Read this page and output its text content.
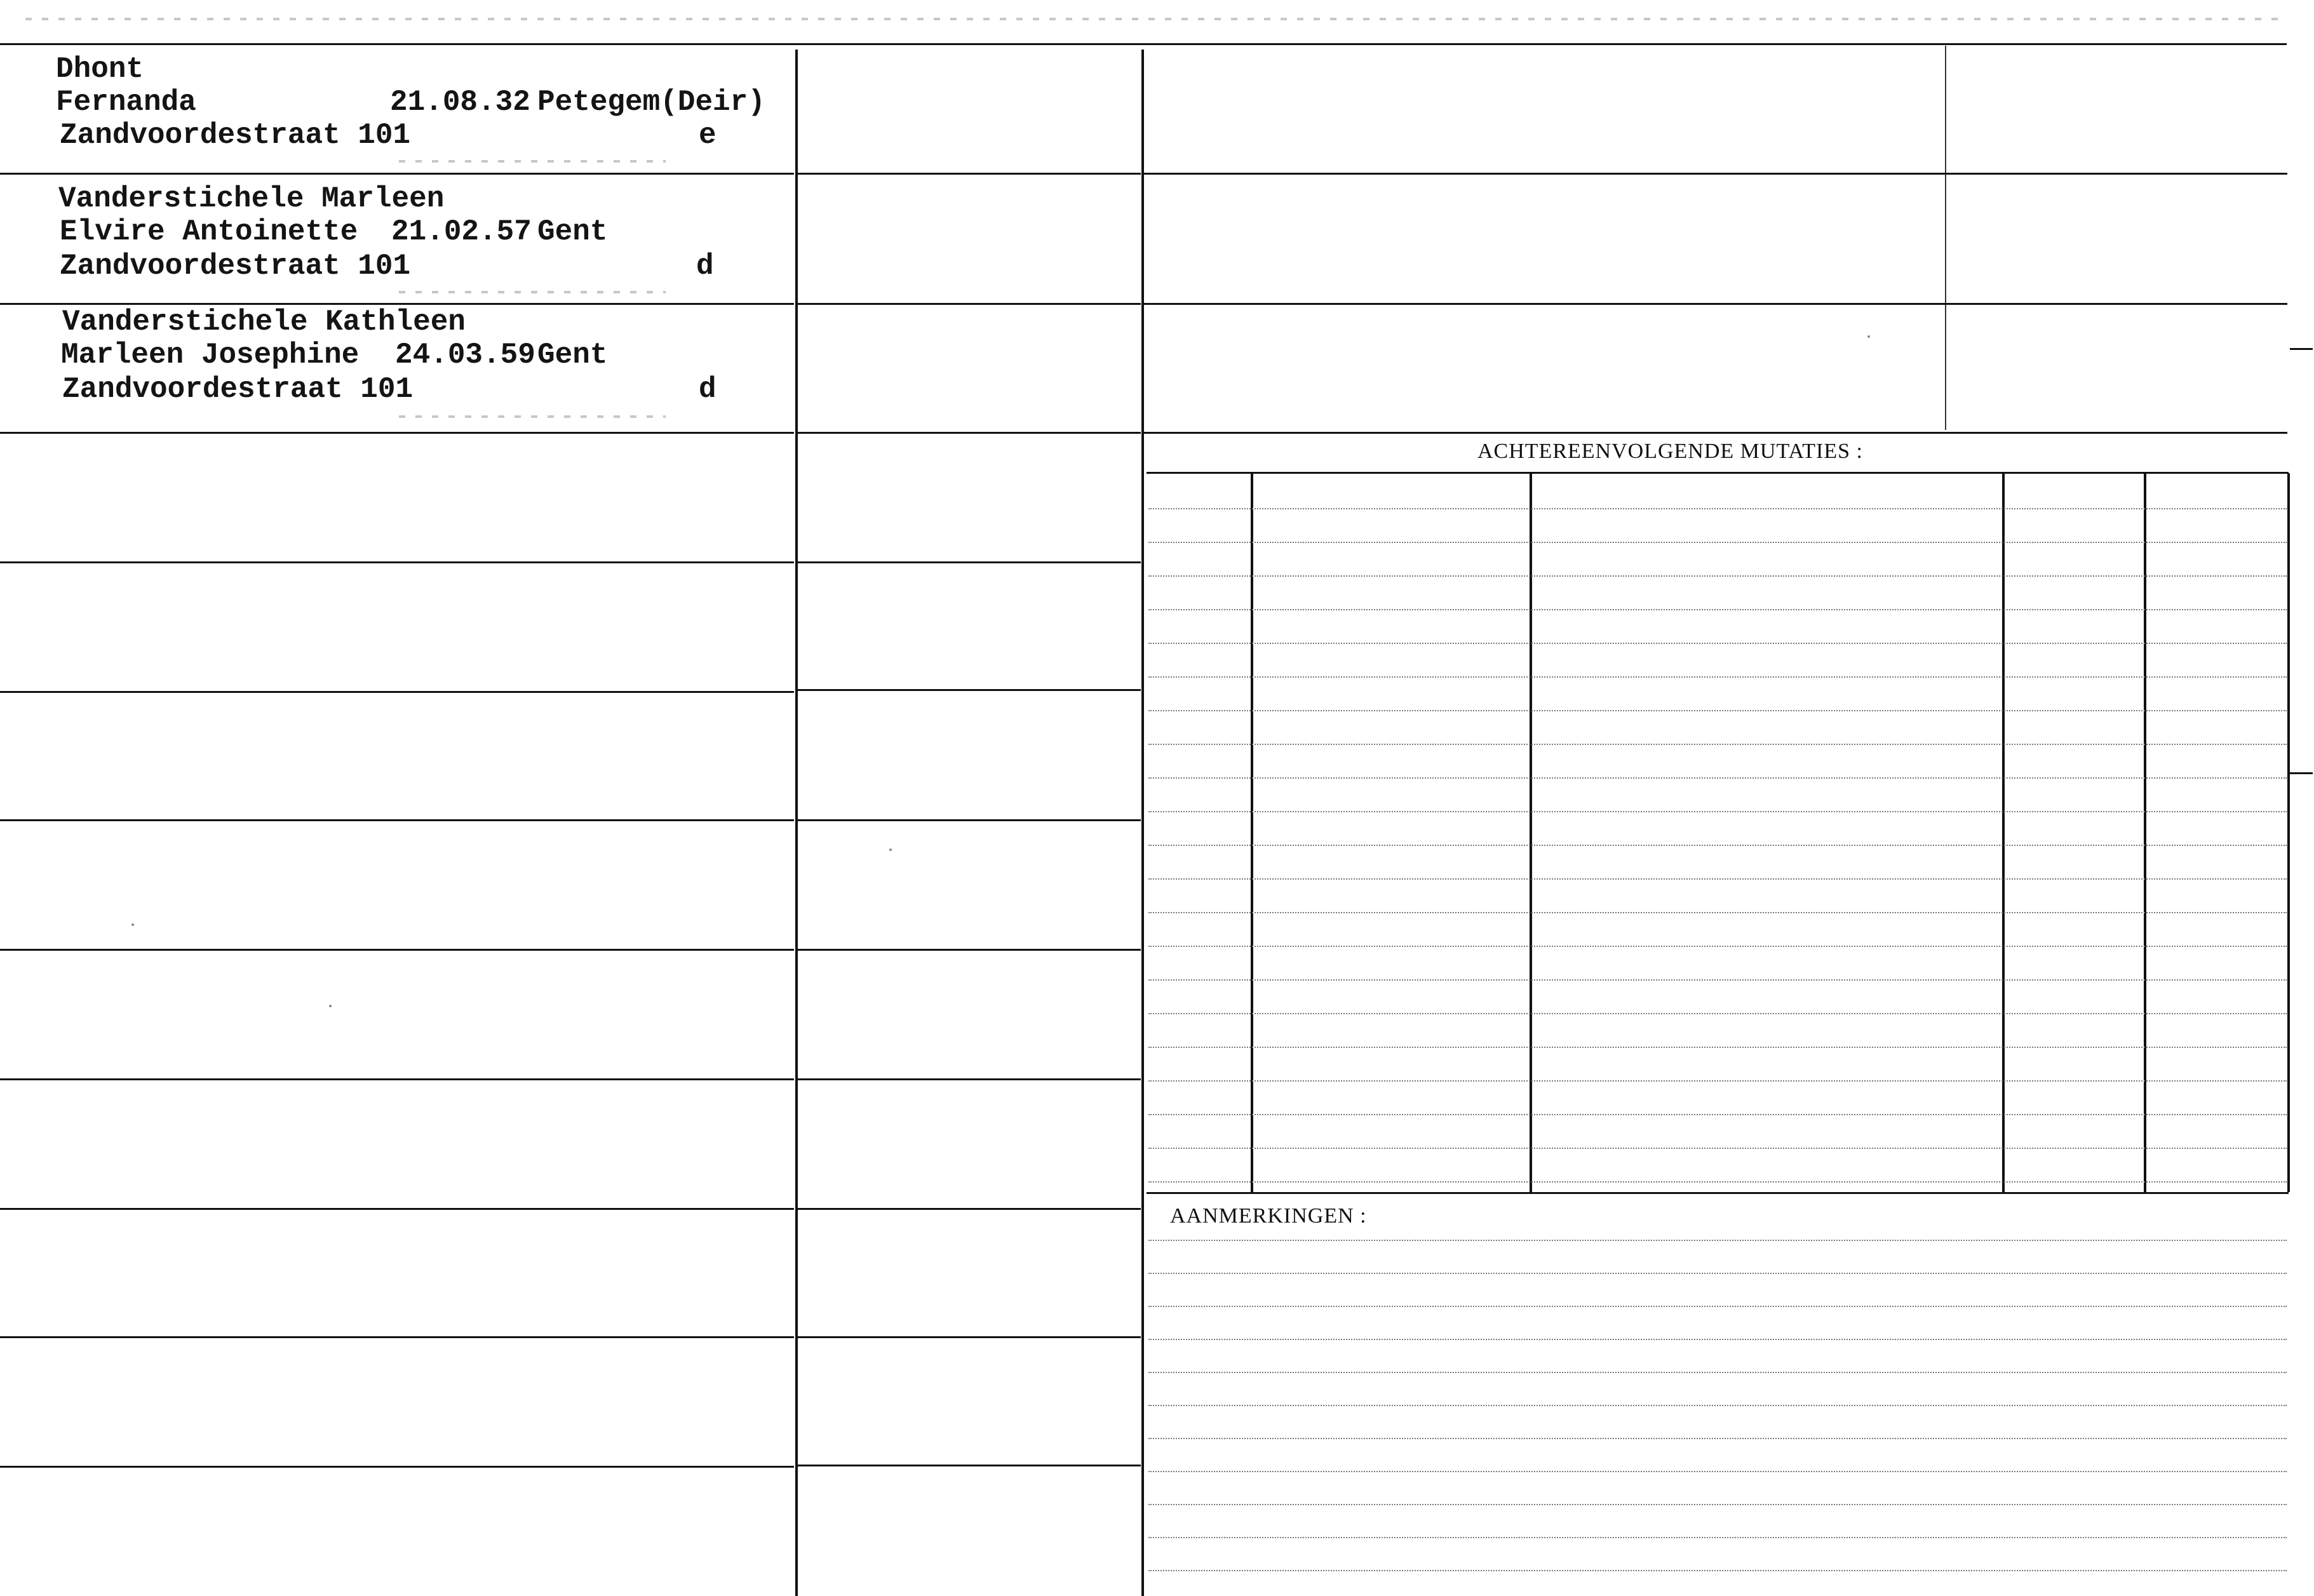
Dhont
Fernanda	21.08.32 Petegem(Deir)
Zandvoordestraat 101	e
Vanderstichele Marleen
Elvire Antoinette 21.02.57 Gent
Zandvoordestraat 101	d
Vanderstichele Kathleen
Marleen Josephine 24.03.59 Gent
Zandvoordestraat 101	d
ACHTEREENVOLGENDE MUTATIES :
AANMERKINGEN :
